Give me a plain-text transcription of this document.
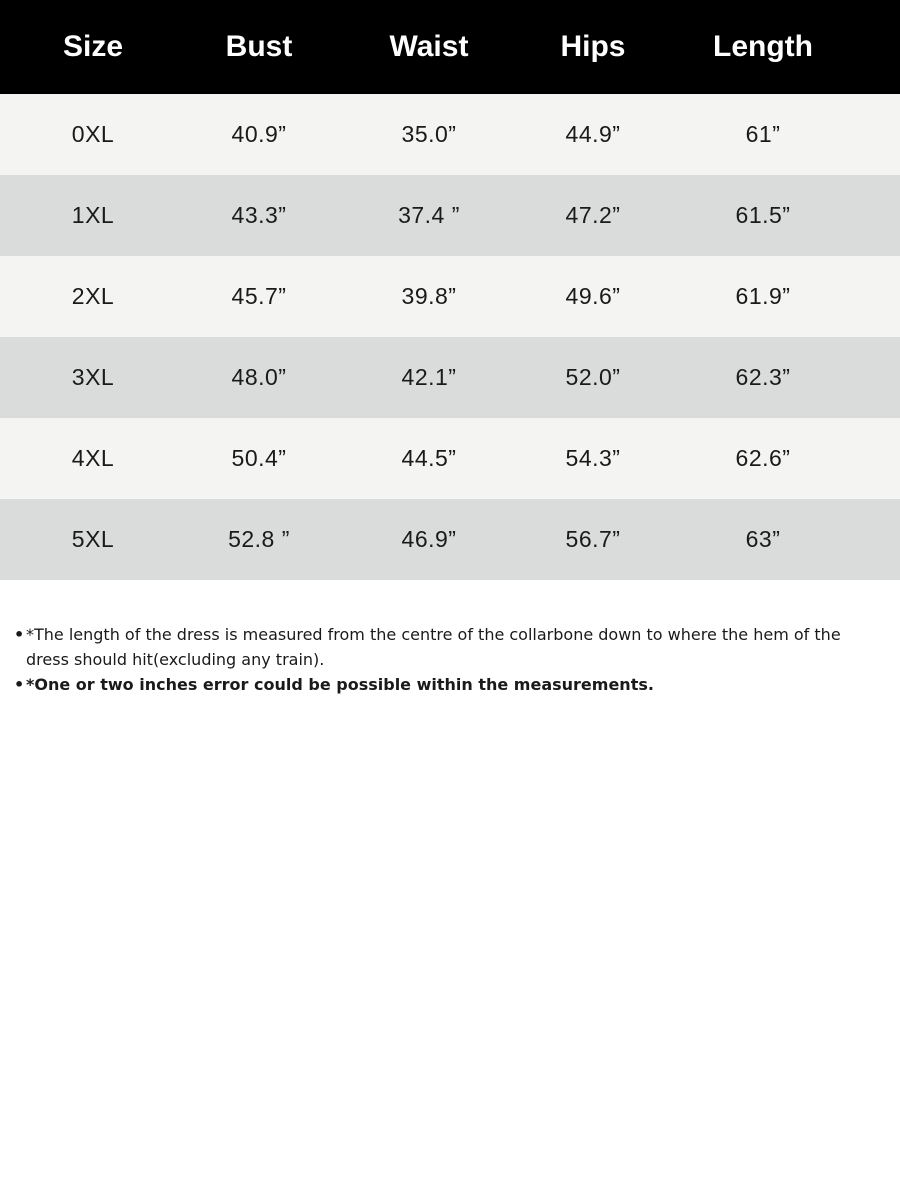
Size	Bust	Waist	Hips	Length
0XL	40.9”	35.0”	44.9”	61”
1XL	43.3”	37.4 ”	47.2”	61.5”
2XL	45.7”	39.8”	49.6”	61.9”
3XL	48.0”	42.1”	52.0”	62.3”
4XL	50.4”	44.5”	54.3”	62.6”
5XL	52.8 ”	46.9”	56.7”	63”
• *The length of the dress is measured from the centre of the collarbone down to where the hem of the dress should hit(excluding any train).
• *One or two inches error could be possible within the measurements.
